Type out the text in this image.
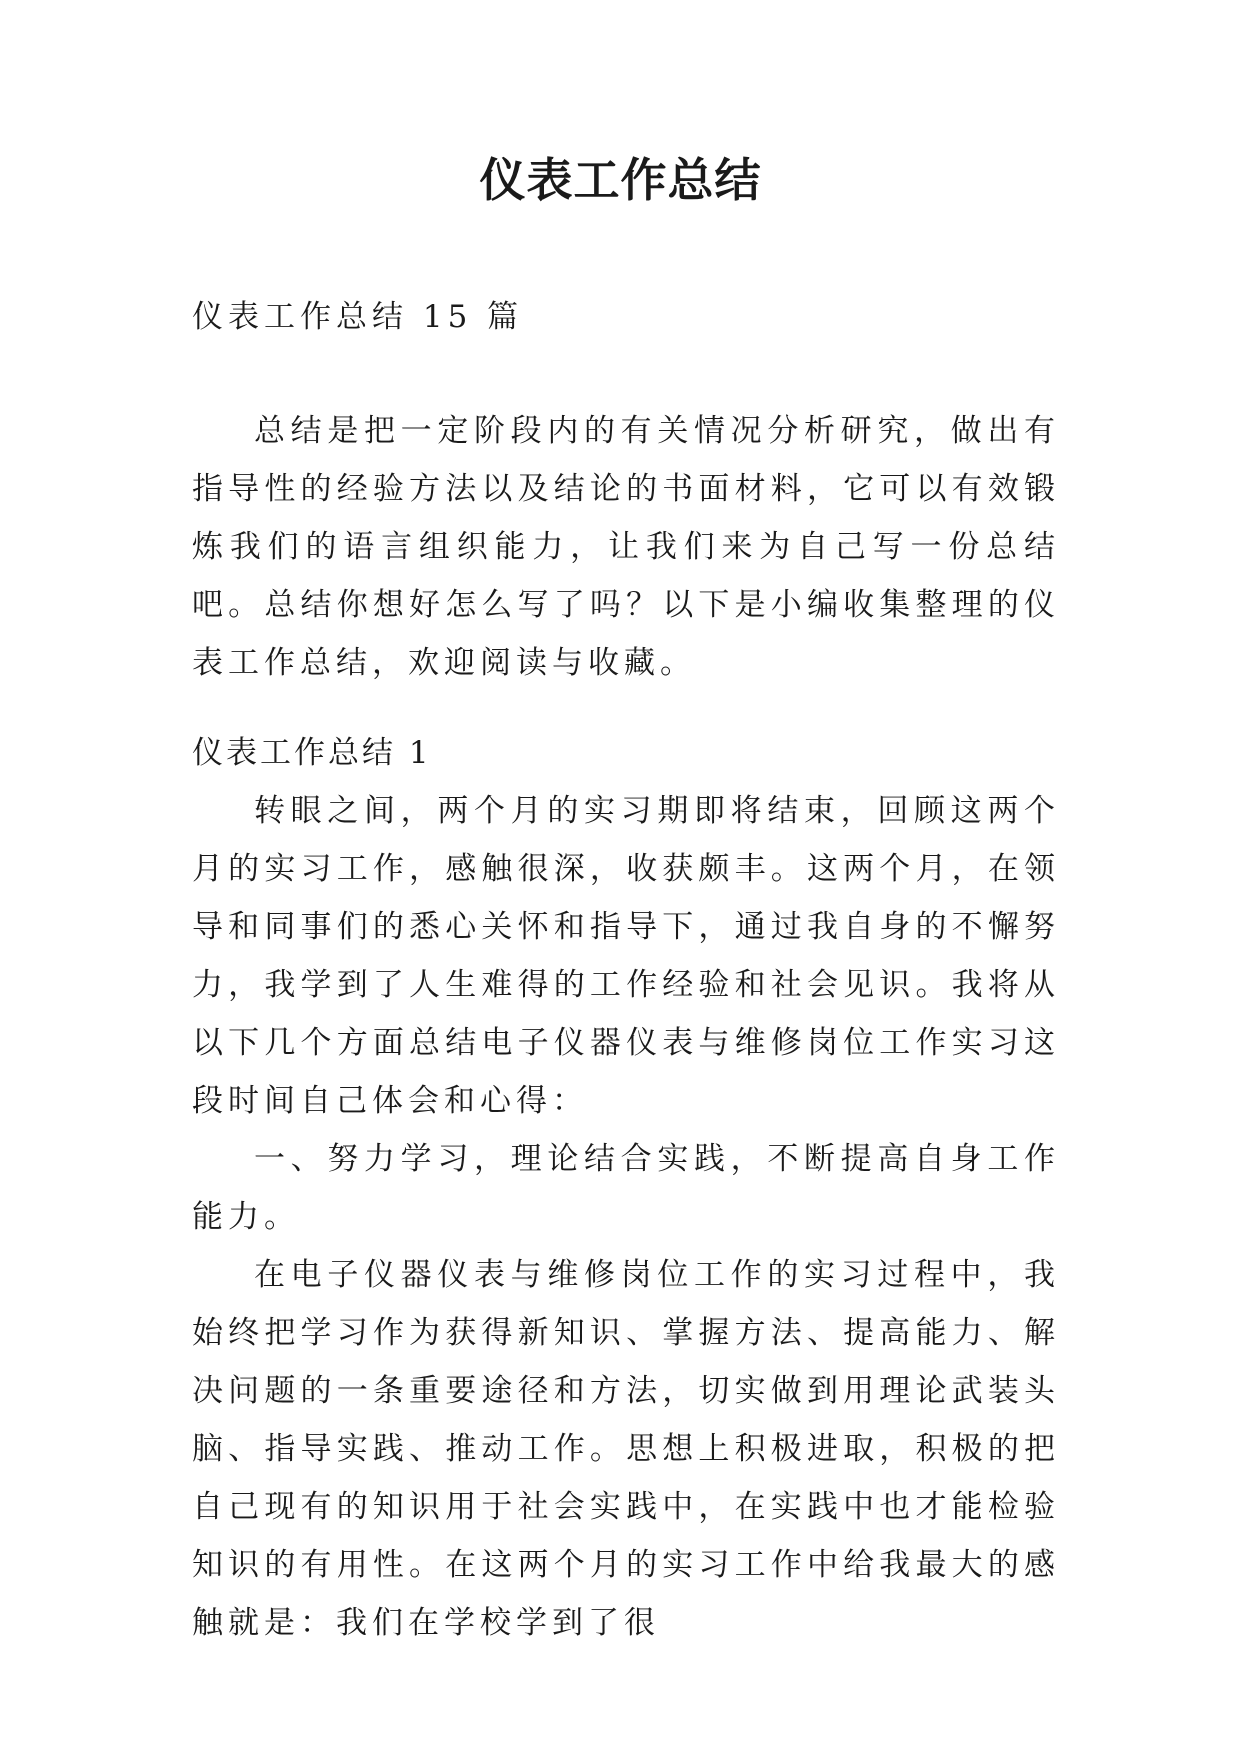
仪表工作总结
仪表工作总结 15 篇

总结是把一定阶段内的有关情况分析研究，做出有指导性的经验方法以及结论的书面材料，它可以有效锻炼我们的语言组织能力，让我们来为自己写一份总结吧。总结你想好怎么写了吗？以下是小编收集整理的仪表工作总结，欢迎阅读与收藏。

仪表工作总结 1

转眼之间，两个月的实习期即将结束，回顾这两个月的实习工作，感触很深，收获颇丰。这两个月，在领导和同事们的悉心关怀和指导下，通过我自身的不懈努力，我学到了人生难得的工作经验和社会见识。我将从以下几个方面总结电子仪器仪表与维修岗位工作实习这段时间自己体会和心得：

一、努力学习，理论结合实践，不断提高自身工作能力。

在电子仪器仪表与维修岗位工作的实习过程中，我始终把学习作为获得新知识、掌握方法、提高能力、解决问题的一条重要途径和方法，切实做到用理论武装头脑、指导实践、推动工作。思想上积极进取，积极的把自己现有的知识用于社会实践中，在实践中也才能检验知识的有用性。在这两个月的实习工作中给我最大的感触就是：我们在学校学到了很
